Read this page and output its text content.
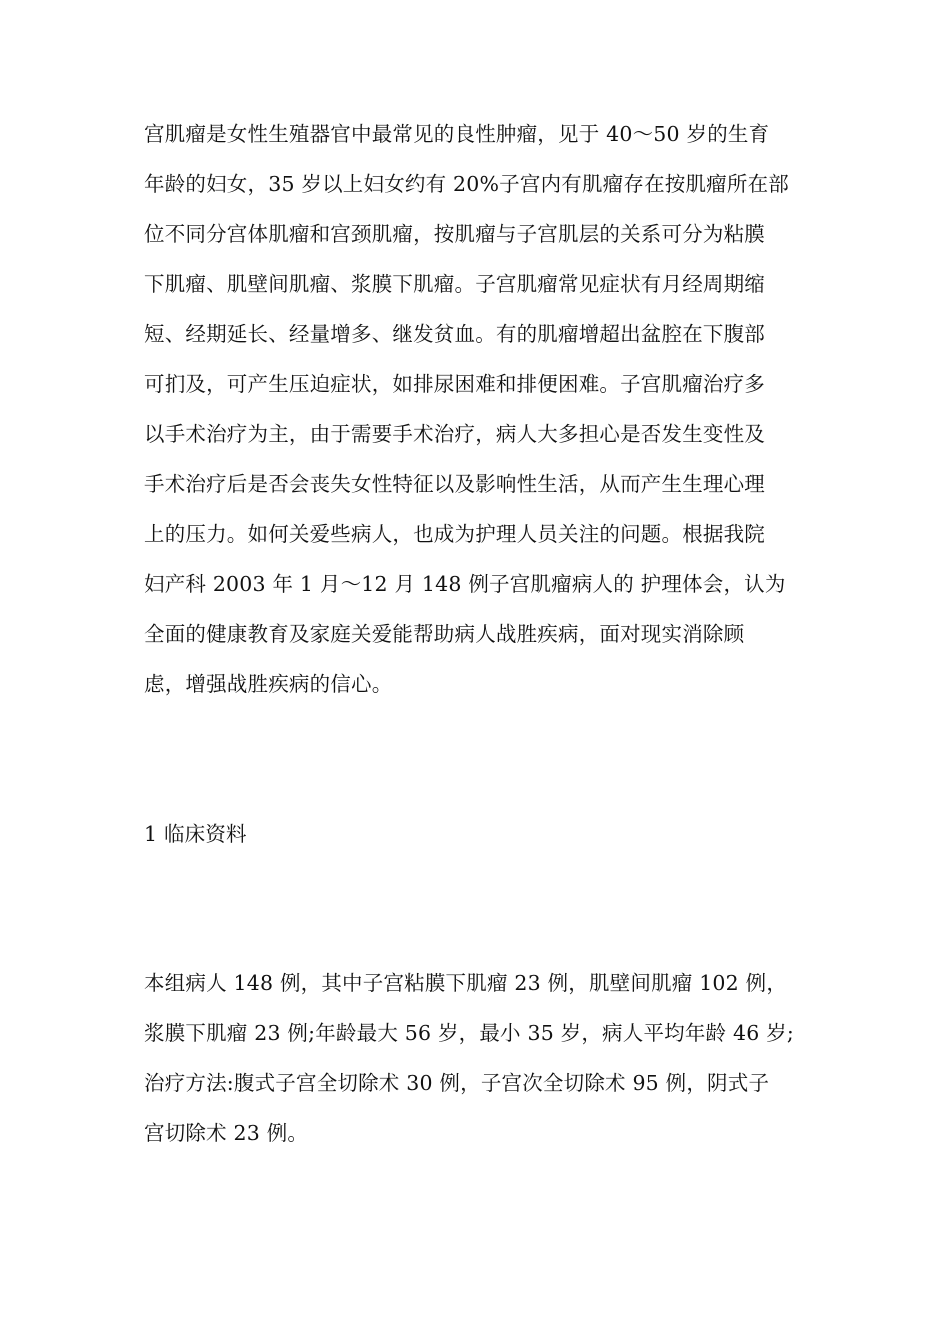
宫肌瘤是女性生殖器官中最常见的良性肿瘤，见于 40～50 岁的生育

年龄的妇女，35 岁以上妇女约有 20%子宫内有肌瘤存在按肌瘤所在部

位不同分宫体肌瘤和宫颈肌瘤，按肌瘤与子宫肌层的关系可分为粘膜

下肌瘤、肌壁间肌瘤、浆膜下肌瘤。子宫肌瘤常见症状有月经周期缩

短、经期延长、经量增多、继发贫血。有的肌瘤增超出盆腔在下腹部

可扪及，可产生压迫症状，如排尿困难和排便困难。子宫肌瘤治疗多

以手术治疗为主，由于需要手术治疗，病人大多担心是否发生变性及

手术治疗后是否会丧失女性特征以及影响性生活，从而产生生理心理

上的压力。如何关爱些病人，也成为护理人员关注的问题。根据我院

妇产科 2003 年 1 月～12 月 148 例子宫肌瘤病人的 护理体会，认为

全面的健康教育及家庭关爱能帮助病人战胜疾病，面对现实消除顾

虑，增强战胜疾病的信心。

1 临床资料

本组病人 148 例，其中子宫粘膜下肌瘤 23 例，肌壁间肌瘤 102 例，

浆膜下肌瘤 23 例;年龄最大 56 岁，最小 35 岁，病人平均年龄 46 岁;

治疗方法:腹式子宫全切除术 30 例，子宫次全切除术 95 例，阴式子

宫切除术 23 例。
